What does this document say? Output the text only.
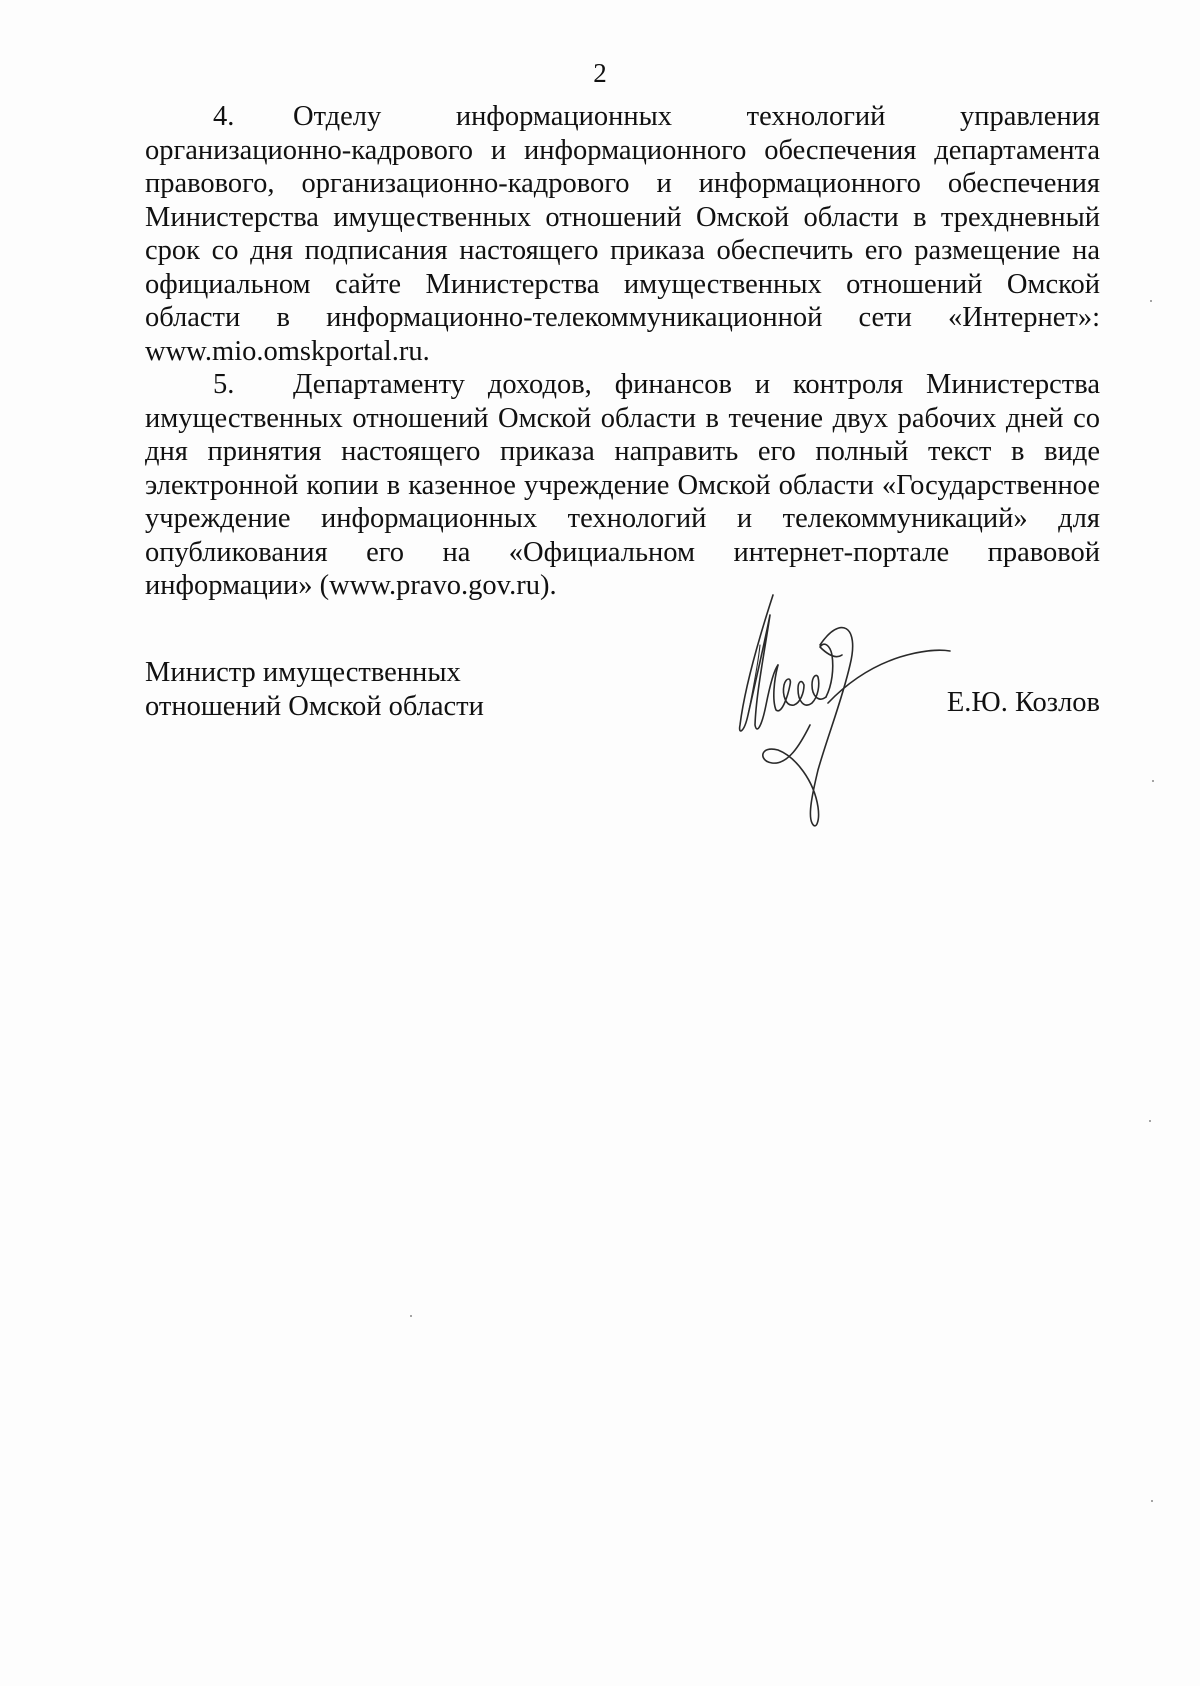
2

4. Отделу информационных технологий управления организационно-кадрового и информационного обеспечения департамента правового, организационно-кадрового и информационного обеспечения Министерства имущественных отношений Омской области в трехдневный срок со дня подписания настоящего приказа обеспечить его размещение на официальном сайте Министерства имущественных отношений Омской области в информационно-телекоммуникационной сети «Интернет»: www.mio.omskportal.ru.

5. Департаменту доходов, финансов и контроля Министерства имущественных отношений Омской области в течение двух рабочих дней со дня принятия настоящего приказа направить его полный текст в виде электронной копии в казенное учреждение Омской области «Государственное учреждение информационных технологий и телекоммуникаций» для опубликования его на «Официальном интернет-портале правовой информации» (www.pravo.gov.ru).

Министр имущественных
отношений Омской области	Е.Ю. Козлов
